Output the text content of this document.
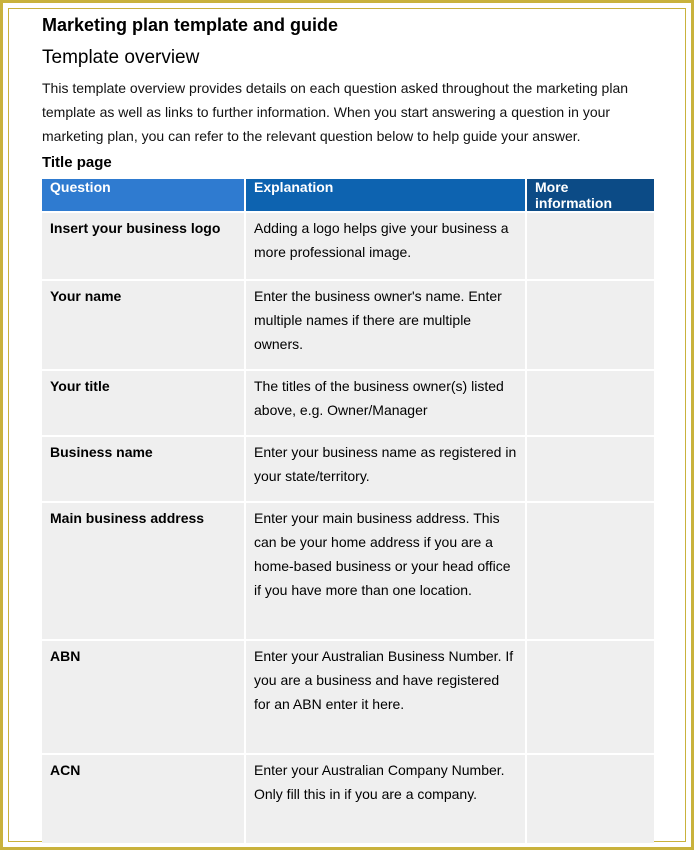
Marketing plan template and guide
Template overview

This template overview provides details on each question asked throughout the marketing plan template as well as links to further information. When you start answering a question in your marketing plan, you can refer to the relevant question below to help guide your answer.

Title page
Question	Explanation	More information
Insert your business logo	Adding a logo helps give your business a more professional image.	
Your name	Enter the business owner's name. Enter multiple names if there are multiple owners.	
Your title	The titles of the business owner(s) listed above, e.g. Owner/Manager	
Business name	Enter your business name as registered in your state/territory.	
Main business address	Enter your main business address. This can be your home address if you are a home-based business or your head office if you have more than one location.	
ABN	Enter your Australian Business Number. If you are a business and have registered for an ABN enter it here.	
ACN	Enter your Australian Company Number. Only fill this in if you are a company.	
